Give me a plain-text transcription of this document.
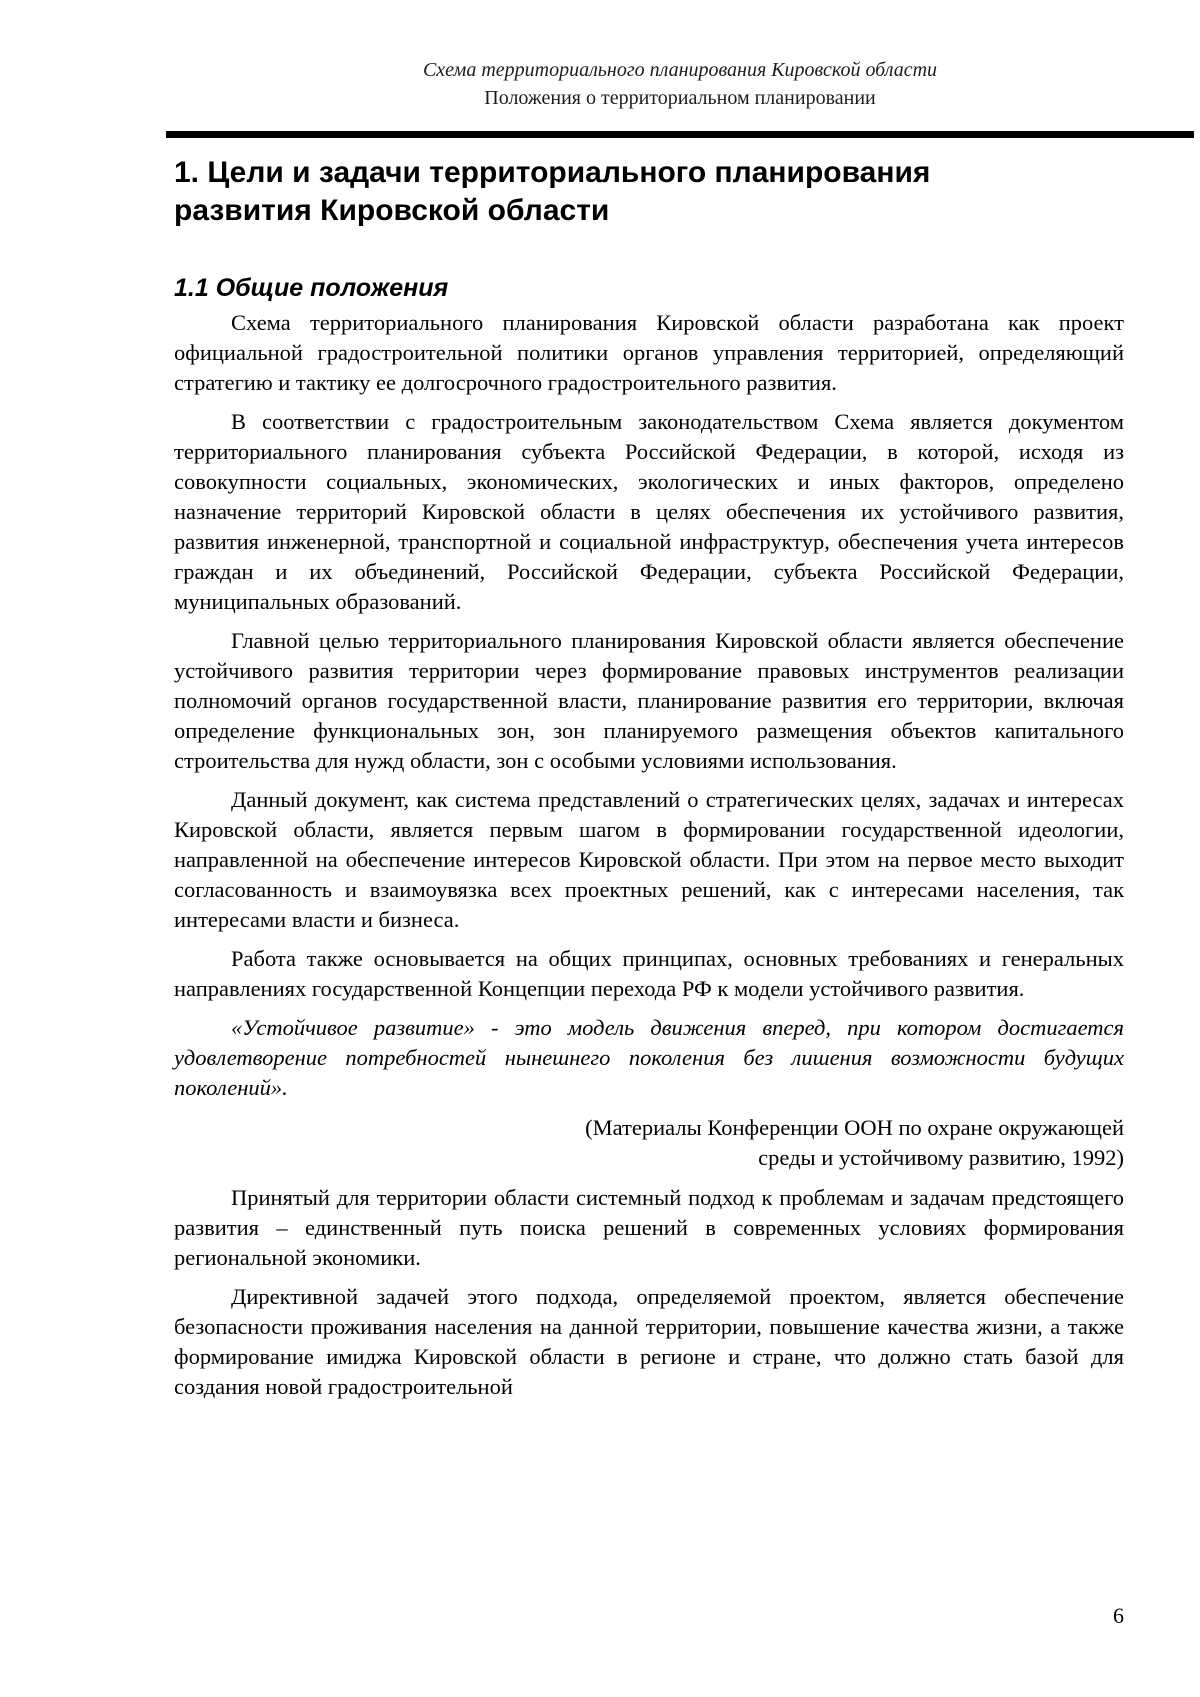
Схема территориального планирования Кировской области
Положения о территориальном планировании
1. Цели и задачи территориального планирования
развития Кировской области
1.1 Общие положения

Схема территориального планирования Кировской области разработана как проект официальной градостроительной политики органов управления территорией, определяющий стратегию и тактику ее долгосрочного градостроительного развития.

В соответствии с градостроительным законодательством Схема является документом территориального планирования субъекта Российской Федерации, в которой, исходя из совокупности социальных, экономических, экологических и иных факторов, определено назначение территорий Кировской области в целях обеспечения их устойчивого развития, развития инженерной, транспортной и социальной инфраструктур, обеспечения учета интересов граждан и их объединений, Российской Федерации, субъекта Российской Федерации, муниципальных образований.

Главной целью территориального планирования Кировской области является обеспечение устойчивого развития территории через формирование правовых инструментов реализации полномочий органов государственной власти, планирование развития его территории, включая определение функциональных зон, зон планируемого размещения объектов капитального строительства для нужд области, зон с особыми условиями использования.

Данный документ, как система представлений о стратегических целях, задачах и интересах Кировской области, является первым шагом в формировании государственной идеологии, направленной на обеспечение интересов Кировской области. При этом на первое место выходит согласованность и взаимоувязка всех проектных решений, как с интересами населения, так интересами власти и бизнеса.

Работа также основывается на общих принципах, основных требованиях и генеральных направлениях государственной Концепции перехода РФ к модели устойчивого развития.

«Устойчивое развитие» - это модель движения вперед, при котором достигается удовлетворение потребностей нынешнего поколения без лишения возможности будущих поколений».

(Материалы Конференции ООН по охране окружающей
среды и устойчивому развитию, 1992)

Принятый для территории области системный подход к проблемам и задачам предстоящего развития – единственный путь поиска решений в современных условиях формирования региональной экономики.

Директивной задачей этого подхода, определяемой проектом, является обеспечение безопасности проживания населения на данной территории, повышение качества жизни, а также формирование имиджа Кировской области в регионе и стране, что должно стать базой для создания новой градостроительной

6
